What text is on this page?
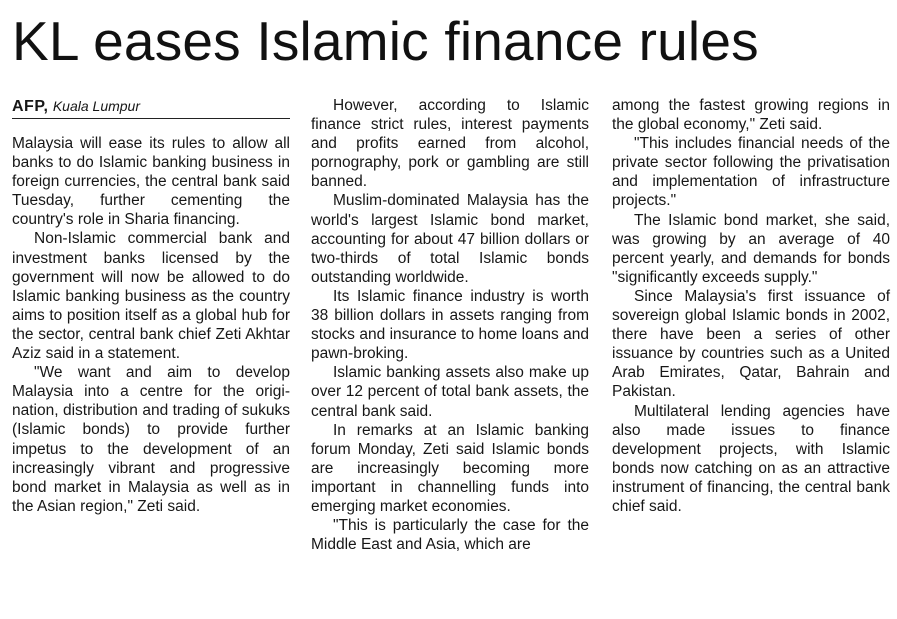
KL eases Islamic finance rules
AFP, Kuala Lumpur

Malaysia will ease its rules to allow all banks to do Islamic banking business in foreign currencies, the central bank said Tuesday, further cementing the country's role in Sharia financing.

Non-Islamic commercial bank and investment banks licensed by the government will now be allowed to do Islamic banking business as the country aims to position itself as a global hub for the sector, central bank chief Zeti Akhtar Aziz said in a statement.

"We want and aim to develop Malaysia into a centre for the origination, distribution and trading of sukuks (Islamic bonds) to provide further impetus to the development of an increasingly vibrant and progressive bond market in Malaysia as well as in the Asian region," Zeti said.

However, according to Islamic finance strict rules, interest payments and profits earned from alcohol, pornography, pork or gambling are still banned.

Muslim-dominated Malaysia has the world's largest Islamic bond market, accounting for about 47 billion dollars or two-thirds of total Islamic bonds outstanding worldwide.

Its Islamic finance industry is worth 38 billion dollars in assets ranging from stocks and insurance to home loans and pawn-broking.

Islamic banking assets also make up over 12 percent of total bank assets, the central bank said.

In remarks at an Islamic banking forum Monday, Zeti said Islamic bonds are increasingly becoming more important in channelling funds into emerging market economies.

"This is particularly the case for the Middle East and Asia, which are

among the fastest growing regions in the global economy," Zeti said.

"This includes financial needs of the private sector following the privatisation and implementation of infrastructure projects."

The Islamic bond market, she said, was growing by an average of 40 percent yearly, and demands for bonds "significantly exceeds supply."

Since Malaysia's first issuance of sovereign global Islamic bonds in 2002, there have been a series of other issuance by countries such as a United Arab Emirates, Qatar, Bahrain and Pakistan.

Multilateral lending agencies have also made issues to finance development projects, with Islamic bonds now catching on as an attractive instrument of financing, the central bank chief said.
